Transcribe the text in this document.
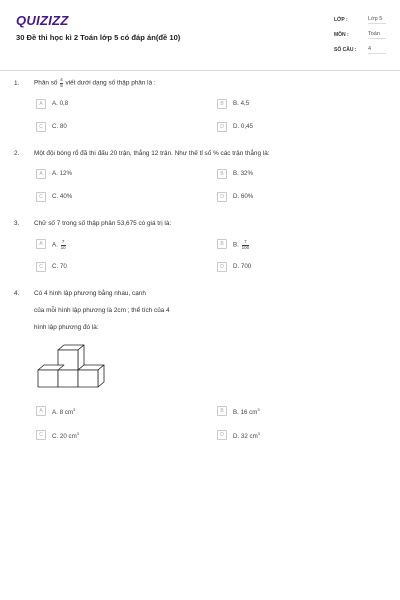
QUIZIZZ
30 Đề thi học kì 2 Toán lớp 5 có đáp án(đề 10)
LỚP :	Lớp 5
MÔN :	Toán
SỐ CÂU : 4
1. Phân số $\frac{4}{5}$ viết dưới dạng số thập phân là :
A	A. 0,8	B	B. 4,5
C	C. 80	D	D. 0,45
2. Một đội bóng rổ đã thi đấu 20 trận, thắng 12 trận. Như thế tỉ số % các trận thắng là:
A	A. 12%	B	B. 32%
C	C. 40%	D	D. 60%
3. Chữ số 7 trong số thập phân 53,675 có giá trị là:
A	A. $\frac{7}{10}$	B	B. $\frac{7}{100}$
C	C. 70	D	D. 700
4. Có 4 hình lập phương bằng nhau, cạnh
của mỗi hình lập phương là 2cm ; thể tích của 4
hình lập phương đó là:
A	A. 8 $cm^3$	B	B. 16 $cm^3$
C	C. 20 $cm^3$	D	D. 32 $cm^3$
